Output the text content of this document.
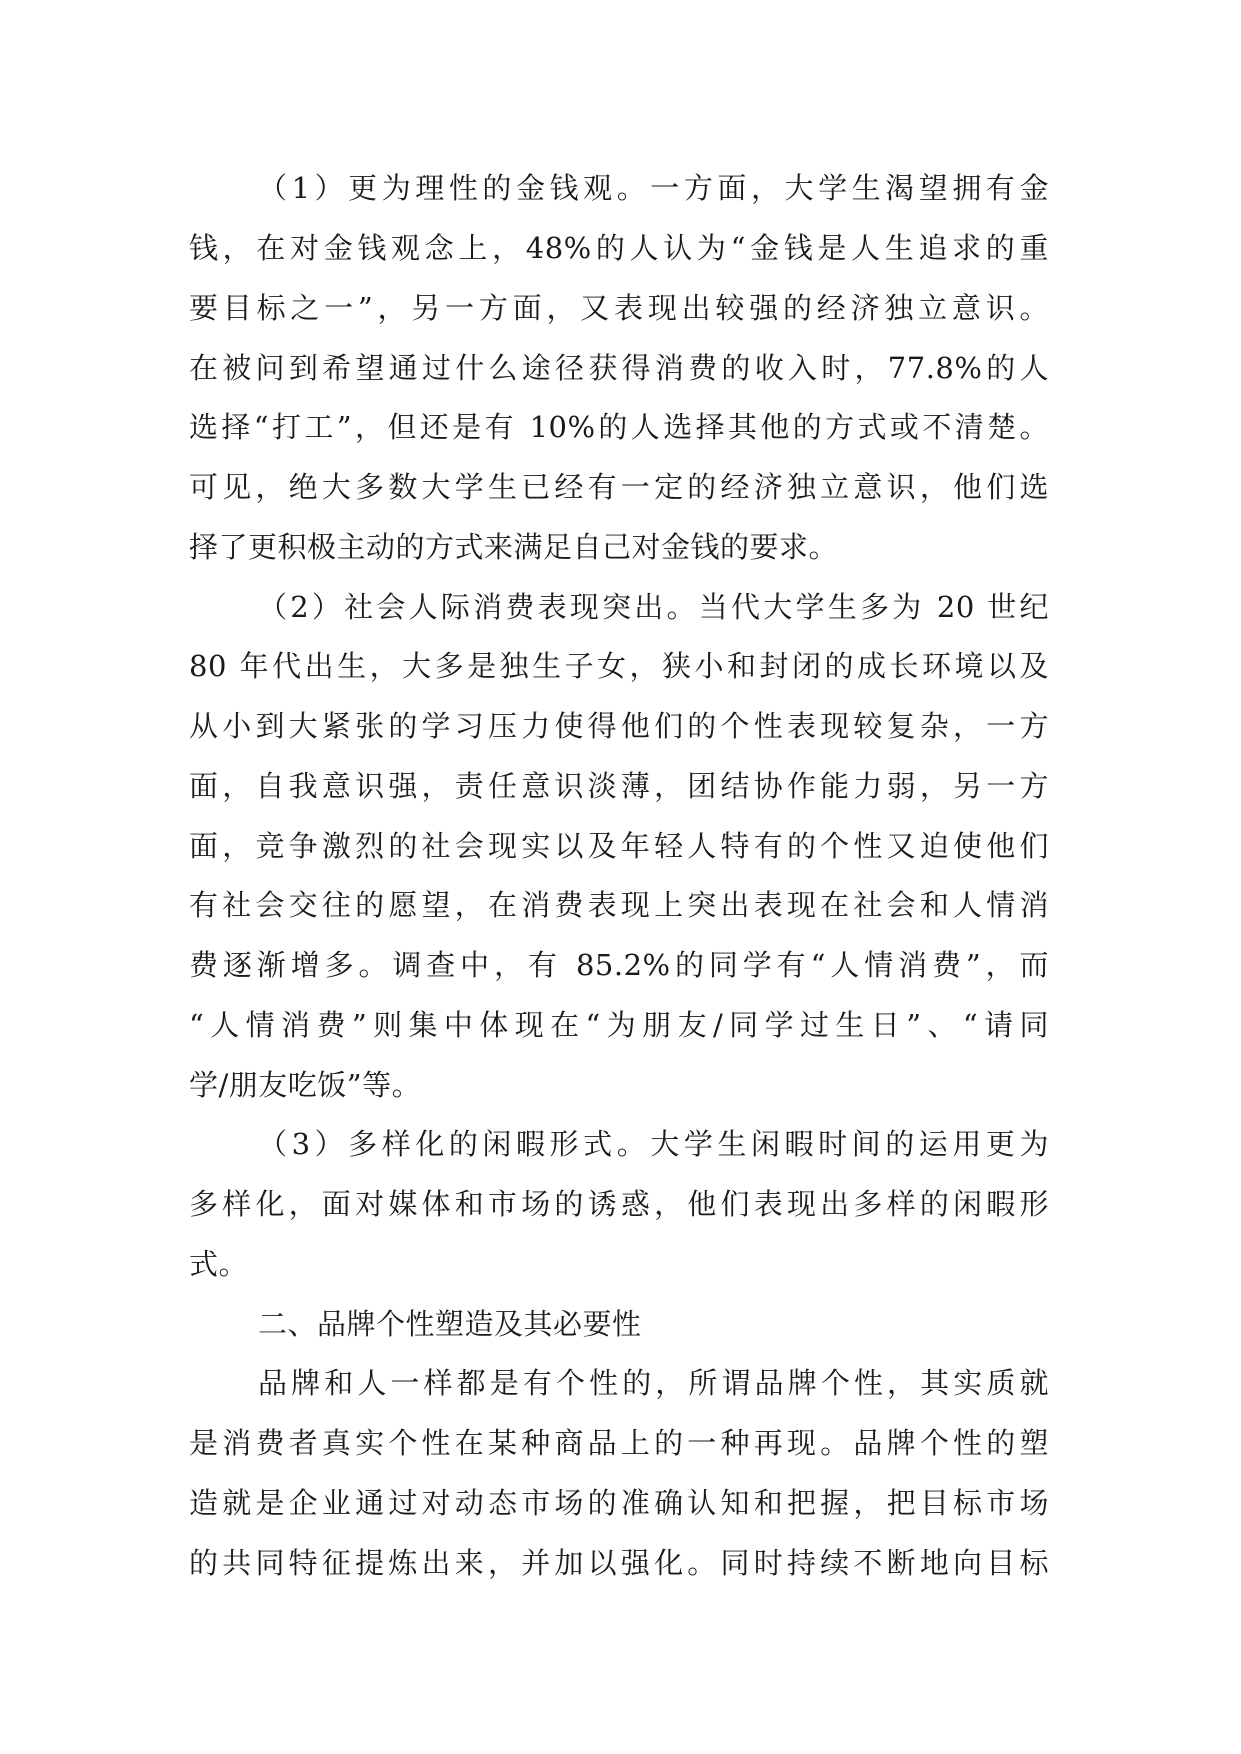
（1）更为理性的金钱观。一方面，大学生渴望拥有金
钱，在对金钱观念上，48%的人认为“金钱是人生追求的重
要目标之一”，另一方面，又表现出较强的经济独立意识。
在被问到希望通过什么途径获得消费的收入时，77.8%的人
选择“打工”，但还是有 10%的人选择其他的方式或不清楚。
可见，绝大多数大学生已经有一定的经济独立意识，他们选
择了更积极主动的方式来满足自己对金钱的要求。
（2）社会人际消费表现突出。当代大学生多为 20 世纪
80 年代出生，大多是独生子女，狭小和封闭的成长环境以及
从小到大紧张的学习压力使得他们的个性表现较复杂，一方
面，自我意识强，责任意识淡薄，团结协作能力弱，另一方
面，竞争激烈的社会现实以及年轻人特有的个性又迫使他们
有社会交往的愿望，在消费表现上突出表现在社会和人情消
费逐渐增多。调查中，有 85.2%的同学有“人情消费”，而
“人情消费”则集中体现在“为朋友/同学过生日”、“请同
学/朋友吃饭”等。
（3）多样化的闲暇形式。大学生闲暇时间的运用更为
多样化，面对媒体和市场的诱惑，他们表现出多样的闲暇形
式。
二、品牌个性塑造及其必要性
品牌和人一样都是有个性的，所谓品牌个性，其实质就
是消费者真实个性在某种商品上的一种再现。品牌个性的塑
造就是企业通过对动态市场的准确认知和把握，把目标市场
的共同特征提炼出来，并加以强化。同时持续不断地向目标
